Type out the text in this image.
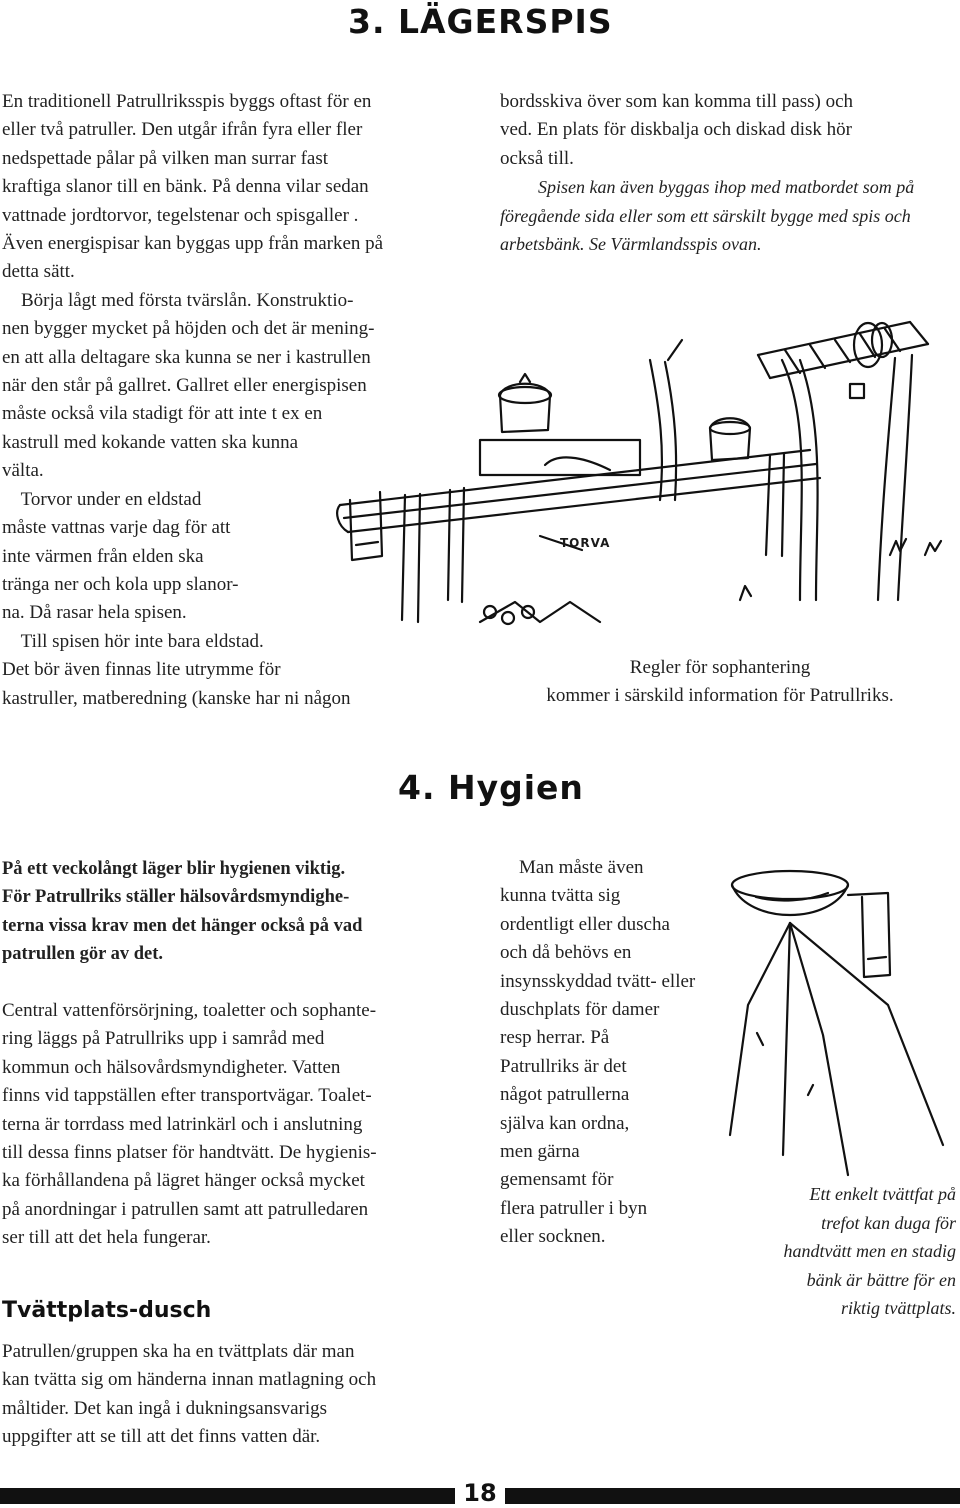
3. LÄGERSPIS
En traditionell Patrullriksspis byggs oftast för en
eller två patruller. Den utgår ifrån fyra eller fler
nedspettade pålar på vilken man surrar fast
kraftiga slanor till en bänk. På denna vilar sedan
vattnade jordtorvor, tegelstenar och spisgaller .
Även energispisar kan byggas upp från marken på
detta sätt.
Börja lågt med första tvärslån. Konstruktio-
nen bygger mycket på höjden och det är mening-
en att alla deltagare ska kunna se ner i kastrullen
när den står på gallret. Gallret eller energispisen
måste också vila stadigt för att inte t ex en
kastrull med kokande vatten ska kunna
välta.
Torvor under en eldstad
måste vattnas varje dag för att
inte värmen från elden ska
tränga ner och kola upp slanor-
na. Då rasar hela spisen.
Till spisen hör inte bara eldstad.
Det bör även finnas lite utrymme för
kastruller, matberedning (kanske har ni någon
bordsskiva över som kan komma till pass) och
ved. En plats för diskbalja och diskad disk hör
också till.
Spisen kan även byggas ihop med matbordet som på
föregående sida eller som ett särskilt bygge med spis och
arbetsbänk. Se Värmlandsspis ovan.
TORVA
Regler för sophantering
kommer i särskild information för Patrullriks.
4. Hygien
På ett veckolångt läger blir hygienen viktig.
För Patrullriks ställer hälsovårdsmyndighe-
terna vissa krav men det hänger också på vad
patrullen gör av det.
Central vattenförsörjning, toaletter och sophante-
ring läggs på Patrullriks upp i samråd med
kommun och hälsovårdsmyndigheter. Vatten
finns vid tappställen efter transportvägar. Toalet-
terna är torrdass med latrinkärl och i anslutning
till dessa finns platser för handtvätt. De hygienis-
ka förhållandena på lägret hänger också mycket
på anordningar i patrullen samt att patrulledaren
ser till att det hela fungerar.
Tvättplats-dusch
Patrullen/gruppen ska ha en tvättplats där man
kan tvätta sig om händerna innan matlagning och
måltider. Det kan ingå i dukningsansvarigs
uppgifter att se till att det finns vatten där.
Man måste även
kunna tvätta sig
ordentligt eller duscha
och då behövs en
insynsskyddad tvätt- eller
duschplats för damer
resp herrar. På
Patrullriks är det
något patrullerna
själva kan ordna,
men gärna
gemensamt för
flera patruller i byn
eller socknen.
Ett enkelt tvättfat på
trefot kan duga för
handtvätt men en stadig
bänk är bättre för en
riktig tvättplats.
18
